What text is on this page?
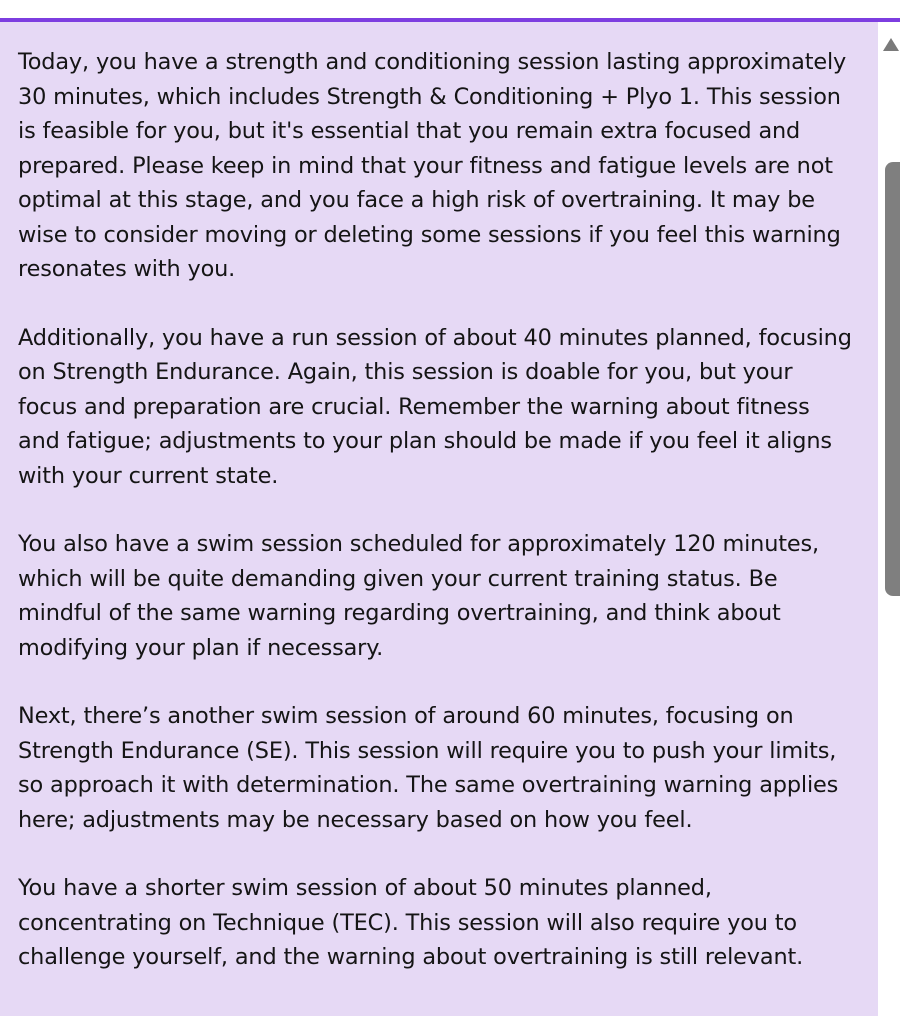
Today, you have a strength and conditioning session lasting approximately 30 minutes, which includes Strength & Conditioning + Plyo 1. This session is feasible for you, but it's essential that you remain extra focused and prepared. Please keep in mind that your fitness and fatigue levels are not optimal at this stage, and you face a high risk of overtraining. It may be wise to consider moving or deleting some sessions if you feel this warning resonates with you.

Additionally, you have a run session of about 40 minutes planned, focusing on Strength Endurance. Again, this session is doable for you, but your focus and preparation are crucial. Remember the warning about fitness and fatigue; adjustments to your plan should be made if you feel it aligns with your current state.

You also have a swim session scheduled for approximately 120 minutes, which will be quite demanding given your current training status. Be mindful of the same warning regarding overtraining, and think about modifying your plan if necessary.

Next, there’s another swim session of around 60 minutes, focusing on Strength Endurance (SE). This session will require you to push your limits, so approach it with determination. The same overtraining warning applies here; adjustments may be necessary based on how you feel.

You have a shorter swim session of about 50 minutes planned, concentrating on Technique (TEC). This session will also require you to challenge yourself, and the warning about overtraining is still relevant.
